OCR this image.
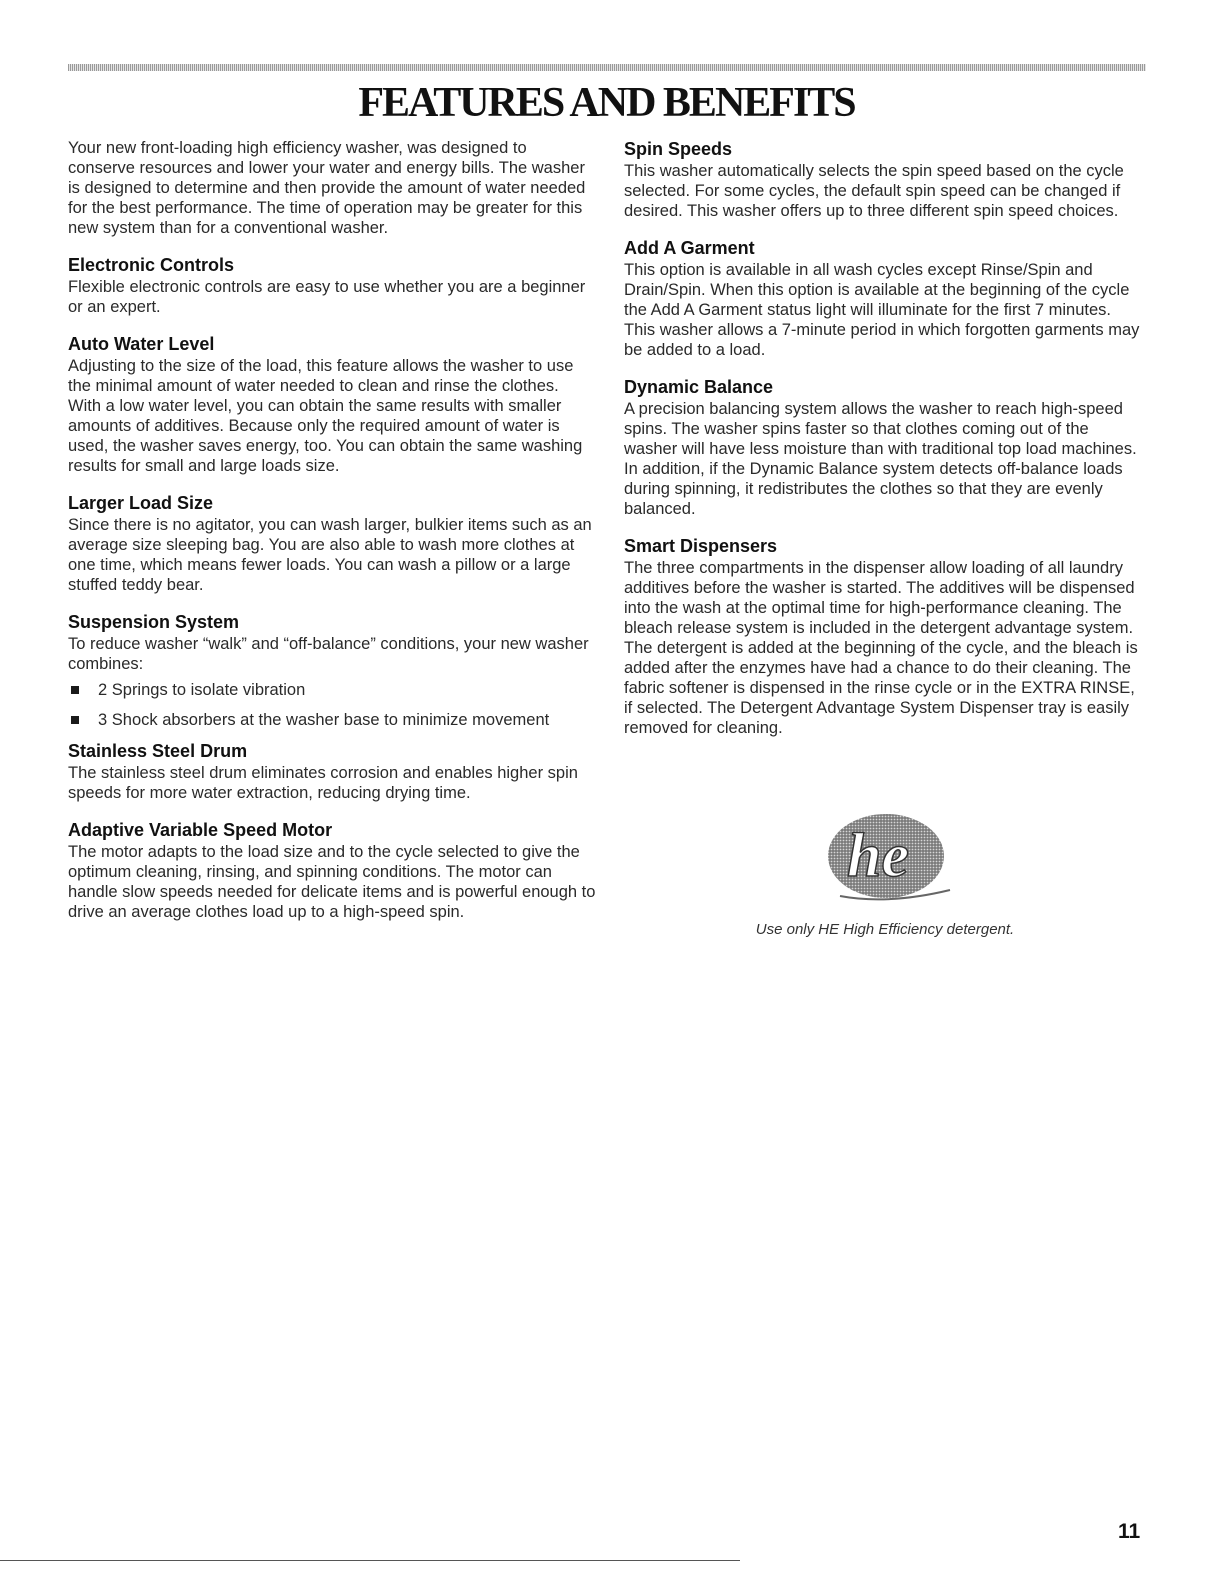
FEATURES AND BENEFITS

Your new front-loading high efficiency washer, was designed to conserve resources and lower your water and energy bills. The washer is designed to determine and then provide the amount of water needed for the best performance. The time of operation may be greater for this new system than for a conventional washer.

Electronic Controls

Flexible electronic controls are easy to use whether you are a beginner or an expert.

Auto Water Level

Adjusting to the size of the load, this feature allows the washer to use the minimal amount of water needed to clean and rinse the clothes. With a low water level, you can obtain the same results with smaller amounts of additives. Because only the required amount of water is used, the washer saves energy, too. You can obtain the same washing results for small and large loads size.

Larger Load Size

Since there is no agitator, you can wash larger, bulkier items such as an average size sleeping bag. You are also able to wash more clothes at one time, which means fewer loads. You can wash a pillow or a large stuffed teddy bear.

Suspension System

To reduce washer “walk” and “off-balance” conditions, your new washer combines:

2 Springs to isolate vibration
3 Shock absorbers at the washer base to minimize movement
Stainless Steel Drum

The stainless steel drum eliminates corrosion and enables higher spin speeds for more water extraction, reducing drying time.

Adaptive Variable Speed Motor

The motor adapts to the load size and to the cycle selected to give the optimum cleaning, rinsing, and spinning conditions. The motor can handle slow speeds needed for delicate items and is powerful enough to drive an average clothes load up to a high-speed spin.

Spin Speeds

This washer automatically selects the spin speed based on the cycle selected. For some cycles, the default spin speed can be changed if desired. This washer offers up to three different spin speed choices.

Add A Garment

This option is available in all wash cycles except Rinse/Spin and Drain/Spin. When this option is available at the beginning of the cycle the Add A Garment status light will illuminate for the first 7 minutes. This washer allows a 7-minute period in which forgotten garments may be added to a load.

Dynamic Balance

A precision balancing system allows the washer to reach high-speed spins. The washer spins faster so that clothes coming out of the washer will have less moisture than with traditional top load machines. In addition, if the Dynamic Balance system detects off-balance loads during spinning, it redistributes the clothes so that they are evenly balanced.

Smart Dispensers

The three compartments in the dispenser allow loading of all laundry additives before the washer is started. The additives will be dispensed into the wash at the optimal time for high-performance cleaning. The bleach release system is included in the detergent advantage system. The detergent is added at the beginning of the cycle, and the bleach is added after the enzymes have had a chance to do their cleaning. The fabric softener is dispensed in the rinse cycle or in the EXTRA RINSE, if selected. The Detergent Advantage System Dispenser tray is easily removed for cleaning.

he
Use only HE High Efficiency detergent.
11
